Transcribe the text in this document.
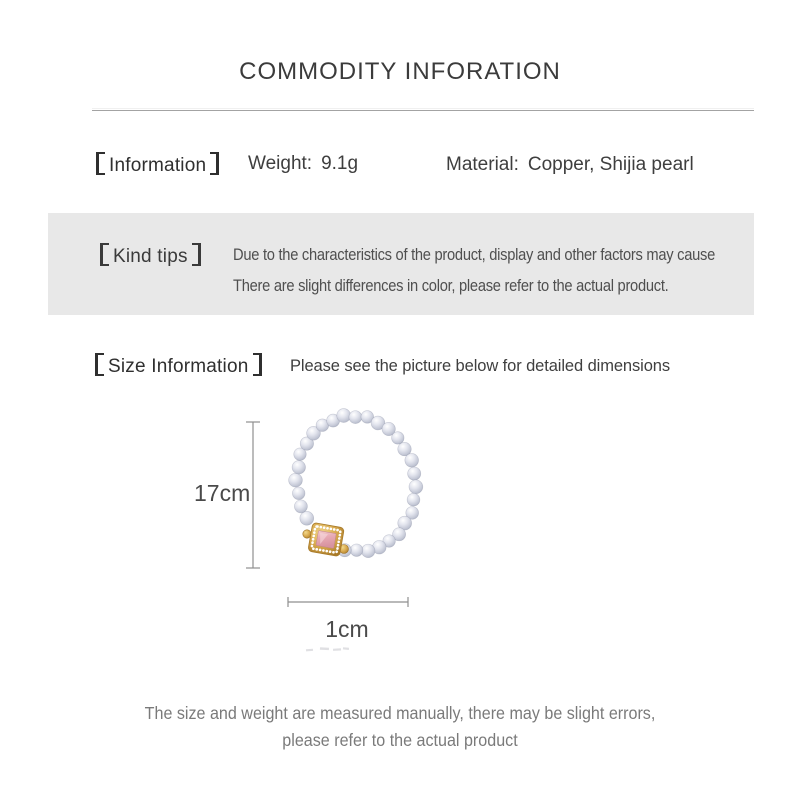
COMMODITY INFORATION
Information	Weight: 9.1g	Material: Copper, Shijia pearl
Kind tips	Due to the characteristics of the product, display and other factors may cause
There are slight differences in color, please refer to the actual product.
Size Information	Please see the picture below for detailed dimensions
17cm
1cm
The size and weight are measured manually, there may be slight errors,
please refer to the actual product
